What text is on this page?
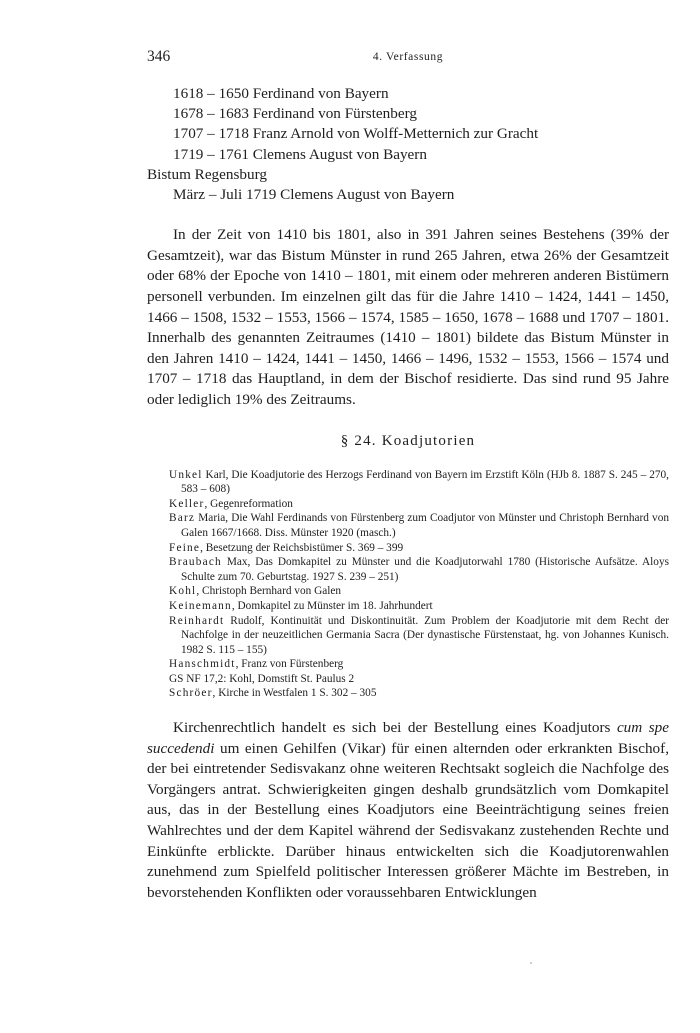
346	4. Verfassung
1618 – 1650 Ferdinand von Bayern
1678 – 1683 Ferdinand von Fürstenberg
1707 – 1718 Franz Arnold von Wolff-Metternich zur Gracht
1719 – 1761 Clemens August von Bayern
Bistum Regensburg
März – Juli 1719 Clemens August von Bayern

In der Zeit von 1410 bis 1801, also in 391 Jahren seines Bestehens (39% der Gesamtzeit), war das Bistum Münster in rund 265 Jahren, etwa 26% der Gesamtzeit oder 68% der Epoche von 1410 – 1801, mit einem oder mehreren anderen Bistümern personell verbunden. Im einzelnen gilt das für die Jahre 1410 – 1424, 1441 – 1450, 1466 – 1508, 1532 – 1553, 1566 – 1574, 1585 – 1650, 1678 – 1688 und 1707 – 1801. Innerhalb des genannten Zeitraumes (1410 – 1801) bildete das Bistum Münster in den Jahren 1410 – 1424, 1441 – 1450, 1466 – 1496, 1532 – 1553, 1566 – 1574 und 1707 – 1718 das Hauptland, in dem der Bischof residierte. Das sind rund 95 Jahre oder lediglich 19% des Zeitraums.

§ 24. Koadjutorien
Unkel Karl, Die Koadjutorie des Herzogs Ferdinand von Bayern im Erzstift Köln (HJb 8. 1887 S. 245 – 270, 583 – 608)
Keller, Gegenreformation
Barz Maria, Die Wahl Ferdinands von Fürstenberg zum Coadjutor von Münster und Christoph Bernhard von Galen 1667/1668. Diss. Münster 1920 (masch.)
Feine, Besetzung der Reichsbistümer S. 369 – 399
Braubach Max, Das Domkapitel zu Münster und die Koadjutorwahl 1780 (Historische Aufsätze. Aloys Schulte zum 70. Geburtstag. 1927 S. 239 – 251)
Kohl, Christoph Bernhard von Galen
Keinemann, Domkapitel zu Münster im 18. Jahrhundert
Reinhardt Rudolf, Kontinuität und Diskontinuität. Zum Problem der Koadjutorie mit dem Recht der Nachfolge in der neuzeitlichen Germania Sacra (Der dynastische Fürstenstaat, hg. von Johannes Kunisch. 1982 S. 115 – 155)
Hanschmidt, Franz von Fürstenberg
GS NF 17,2: Kohl, Domstift St. Paulus 2
Schröer, Kirche in Westfalen 1 S. 302 – 305

Kirchenrechtlich handelt es sich bei der Bestellung eines Koadjutors cum spe succedendi um einen Gehilfen (Vikar) für einen alternden oder erkrankten Bischof, der bei eintretender Sedisvakanz ohne weiteren Rechtsakt sogleich die Nachfolge des Vorgängers antrat. Schwierigkeiten gingen deshalb grundsätzlich vom Domkapitel aus, das in der Bestellung eines Koadjutors eine Beeinträchtigung seines freien Wahlrechtes und der dem Kapitel während der Sedisvakanz zustehenden Rechte und Einkünfte erblickte. Darüber hinaus entwickelten sich die Koadjutorenwahlen zunehmend zum Spielfeld politischer Interessen größerer Mächte im Bestreben, in bevorstehenden Konflikten oder voraussehbaren Entwicklungen
